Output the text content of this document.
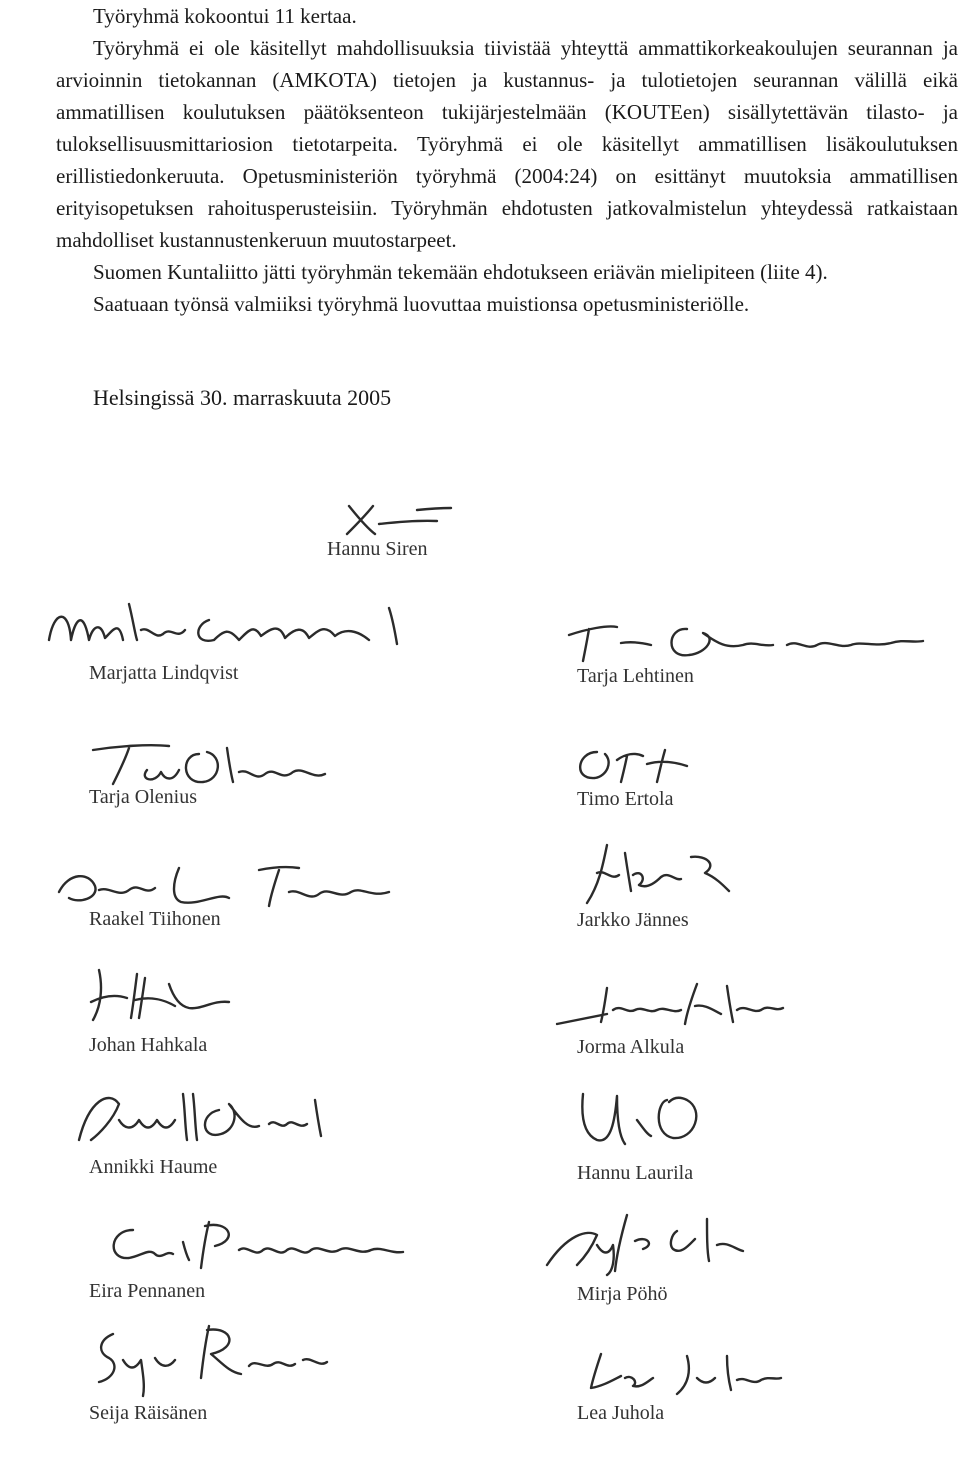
Työryhmä kokoontui 11 kertaa.

Työryhmä ei ole käsitellyt mahdollisuuksia tiivistää yhteyttä ammattikorkeakoulujen seurannan ja arvioinnin tietokannan (AMKOTA) tietojen ja kustannus- ja tulotietojen seurannan välillä eikä ammatillisen koulutuksen päätöksenteon tukijärjestelmään (KOUTEen) sisällytettävän tilasto- ja tuloksellisuusmittariosion tietotarpeita. Työryhmä ei ole käsitellyt ammatillisen lisäkoulutuksen erillistiedonkeruuta. Opetusministeriön työryhmä (2004:24) on esittänyt muutoksia ammatillisen erityisopetuksen rahoitusperusteisiin. Työryhmän ehdotusten jatkovalmistelun yhteydessä ratkaistaan mahdolliset kustannustenkeruun muutostarpeet.

Suomen Kuntaliitto jätti työryhmän tekemään ehdotukseen eriävän mielipiteen (liite 4).

Saatuaan työnsä valmiiksi työryhmä luovuttaa muistionsa opetusministeriölle.

Helsingissä 30. marraskuuta 2005

Hannu Siren
Marjatta Lindqvist
Tarja Olenius
Raakel Tiihonen
Johan Hahkala
Annikki Haume
Eira Pennanen
Seija Räisänen
Tarja Lehtinen
Timo Ertola
Jarkko Jännes
Jorma Alkula
Hannu Laurila
Mirja Pöhö
Lea Juhola
